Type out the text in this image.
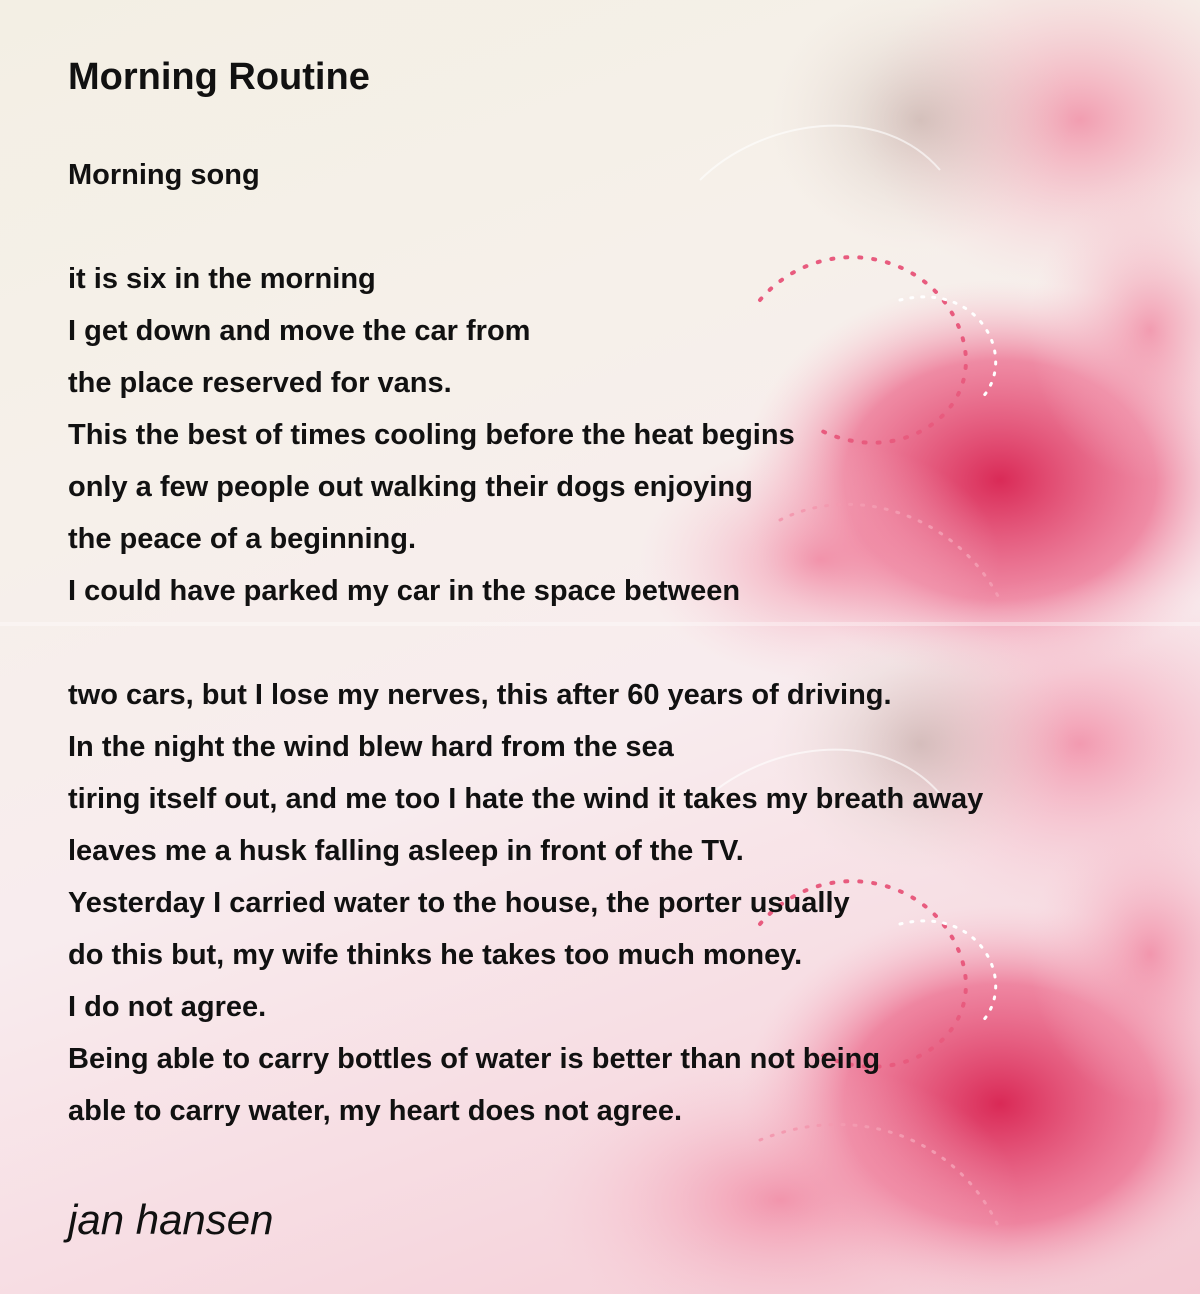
Morning Routine
Morning song
it is six in the morning
I get down and move the car from
the place reserved for vans.
This the best of times cooling before the heat begins
only a few people out walking their dogs enjoying
the peace of a beginning.
I could have parked my car in the space between
two cars, but I lose my nerves, this after 60 years of driving.
In the night the wind blew hard from the sea
tiring itself out, and me too I hate the wind it takes my breath away
leaves me a husk falling asleep in front of the TV.
Yesterday I carried water to the house, the porter usually
do this but, my wife thinks he takes too much money.
I do not agree.
Being able to carry bottles of water is better than not being
able to carry water, my heart does not agree.
jan hansen
